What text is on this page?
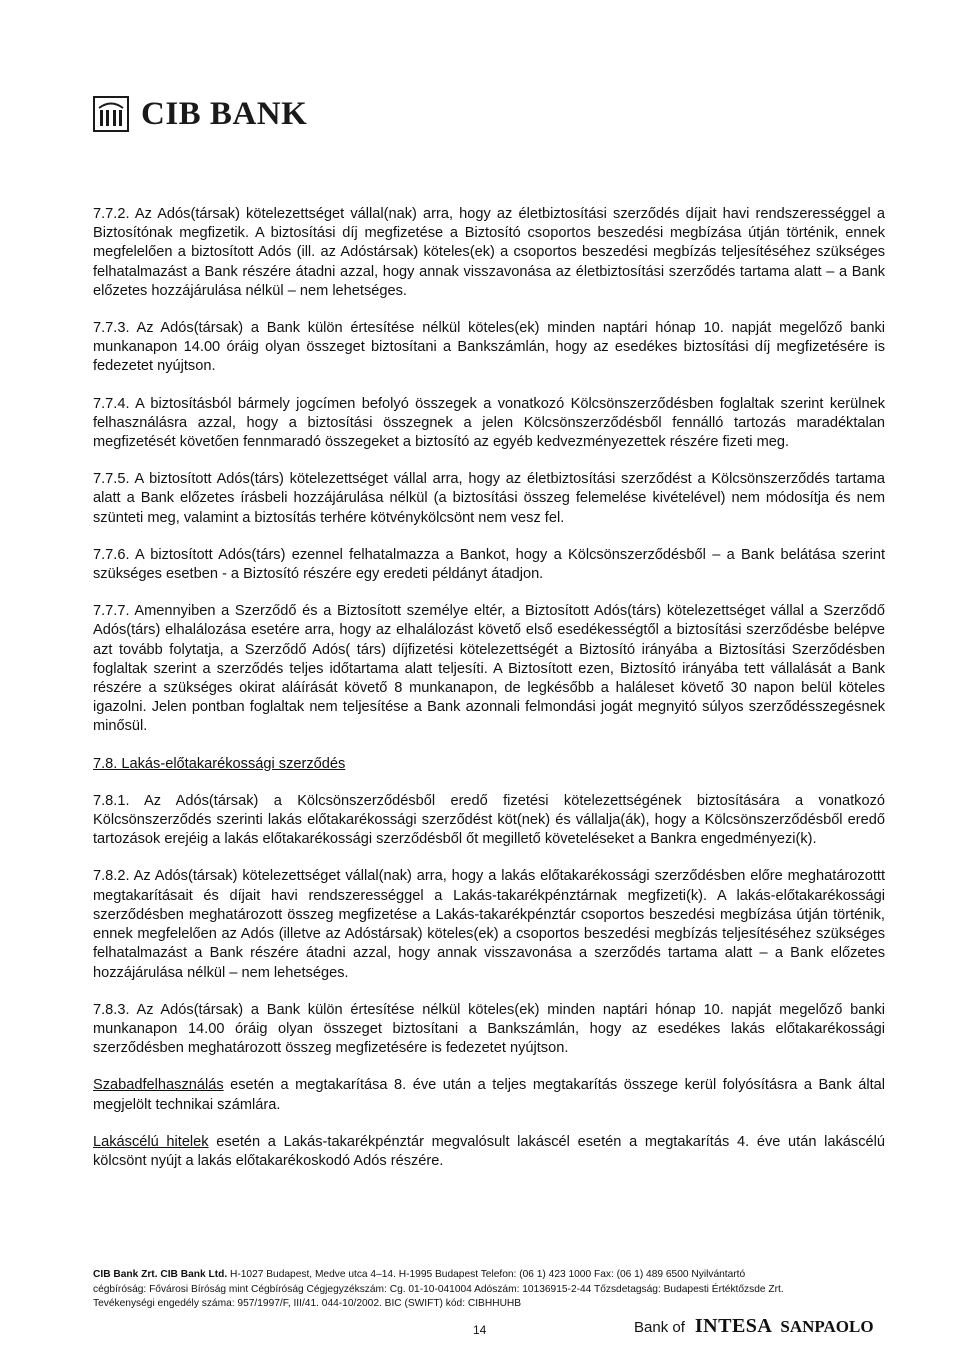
CIB BANK

7.7.2. Az Adós(társak) kötelezettséget vállal(nak) arra, hogy az életbiztosítási szerződés díjait havi rendszerességgel a Biztosítónak megfizetik. A biztosítási díj megfizetése a Biztosító csoportos beszedési megbízása útján történik, ennek megfelelően a biztosított Adós (ill. az Adóstársak) köteles(ek) a csoportos beszedési megbízás teljesítéséhez szükséges felhatalmazást a Bank részére átadni azzal, hogy annak visszavonása az életbiztosítási szerződés tartama alatt – a Bank előzetes hozzájárulása nélkül – nem lehetséges.

7.7.3. Az Adós(társak) a Bank külön értesítése nélkül köteles(ek) minden naptári hónap 10. napját megelőző banki munkanapon 14.00 óráig olyan összeget biztosítani a Bankszámlán, hogy az esedékes biztosítási díj megfizetésére is fedezetet nyújtson.

7.7.4. A biztosításból bármely jogcímen befolyó összegek a vonatkozó Kölcsönszerződésben foglaltak szerint kerülnek felhasználásra azzal, hogy a biztosítási összegnek a jelen Kölcsönszerződésből fennálló tartozás maradéktalan megfizetését követően fennmaradó összegeket a biztosító az egyéb kedvezményezettek részére fizeti meg.

7.7.5. A biztosított Adós(társ) kötelezettséget vállal arra, hogy az életbiztosítási szerződést a Kölcsönszerződés tartama alatt a Bank előzetes írásbeli hozzájárulása nélkül (a biztosítási összeg felemelése kivételével) nem módosítja és nem szünteti meg, valamint a biztosítás terhére kötvénykölcsönt nem vesz fel.

7.7.6. A biztosított Adós(társ) ezennel felhatalmazza a Bankot, hogy a Kölcsönszerződésből – a Bank belátása szerint szükséges esetben - a Biztosító részére egy eredeti példányt átadjon.

7.7.7. Amennyiben a Szerződő és a Biztosított személye eltér, a Biztosított Adós(társ) kötelezettséget vállal a Szerződő Adós(társ) elhalálozása esetére arra, hogy az elhalálozást követő első esedékességtől a biztosítási szerződésbe belépve azt tovább folytatja, a Szerződő Adós( társ) díjfizetési kötelezettségét a Biztosító irányába a Biztosítási Szerződésben foglaltak szerint a szerződés teljes időtartama alatt teljesíti. A Biztosított ezen, Biztosító irányába tett vállalását a Bank részére a szükséges okirat aláírását követő 8 munkanapon, de legkésőbb a haláleset követő 30 napon belül köteles igazolni. Jelen pontban foglaltak nem teljesítése a Bank azonnali felmondási jogát megnyitó súlyos szerződésszegésnek minősül.

7.8. Lakás-előtakarékossági szerződés

7.8.1. Az Adós(társak) a Kölcsönszerződésből eredő fizetési kötelezettségének biztosítására a vonatkozó Kölcsönszerződés szerinti lakás előtakarékossági szerződést köt(nek) és vállalja(ák), hogy a Kölcsönszerződésből eredő tartozások erejéig a lakás előtakarékossági szerződésből őt megillető követeléseket a Bankra engedményezi(k).

7.8.2. Az Adós(társak) kötelezettséget vállal(nak) arra, hogy a lakás előtakarékossági szerződésben előre meghatározottt megtakarításait és díjait havi rendszerességgel a Lakás-takarékpénztárnak megfizeti(k). A lakás-előtakarékossági szerződésben meghatározott összeg megfizetése a Lakás-takarékpénztár csoportos beszedési megbízása útján történik, ennek megfelelően az Adós (illetve az Adóstársak) köteles(ek) a csoportos beszedési megbízás teljesítéséhez szükséges felhatalmazást a Bank részére átadni azzal, hogy annak visszavonása a szerződés tartama alatt – a Bank előzetes hozzájárulása nélkül – nem lehetséges.

7.8.3. Az Adós(társak) a Bank külön értesítése nélkül köteles(ek) minden naptári hónap 10. napját megelőző banki munkanapon 14.00 óráig olyan összeget biztosítani a Bankszámlán, hogy az esedékes lakás előtakarékossági szerződésben meghatározott összeg megfizetésére is fedezetet nyújtson.

Szabadfelhasználás esetén a megtakarítása 8. éve után a teljes megtakarítás összege kerül folyósításra a Bank által megjelölt technikai számlára.

Lakáscélú hitelek esetén a Lakás-takarékpénztár megvalósult lakáscél esetén a megtakarítás 4. éve után lakáscélú kölcsönt nyújt a lakás előtakarékoskodó Adós részére.

CIB Bank Zrt. CIB Bank Ltd. H-1027 Budapest, Medve utca 4–14. H-1995 Budapest Telefon: (06 1) 423 1000 Fax: (06 1) 489 6500 Nyilvántartó
cégbíróság: Fővárosi Bíróság mint Cégbíróság Cégjegyzékszám: Cg. 01-10-041004 Adószám: 10136915-2-44 Tőzsdetagság: Budapesti Értéktőzsde Zrt.
Tevékenységi engedély száma: 957/1997/F, III/41. 044-10/2002. BIC (SWIFT) kód: CIBHHUHB
14	Bank of INTESA SANPAOLO
